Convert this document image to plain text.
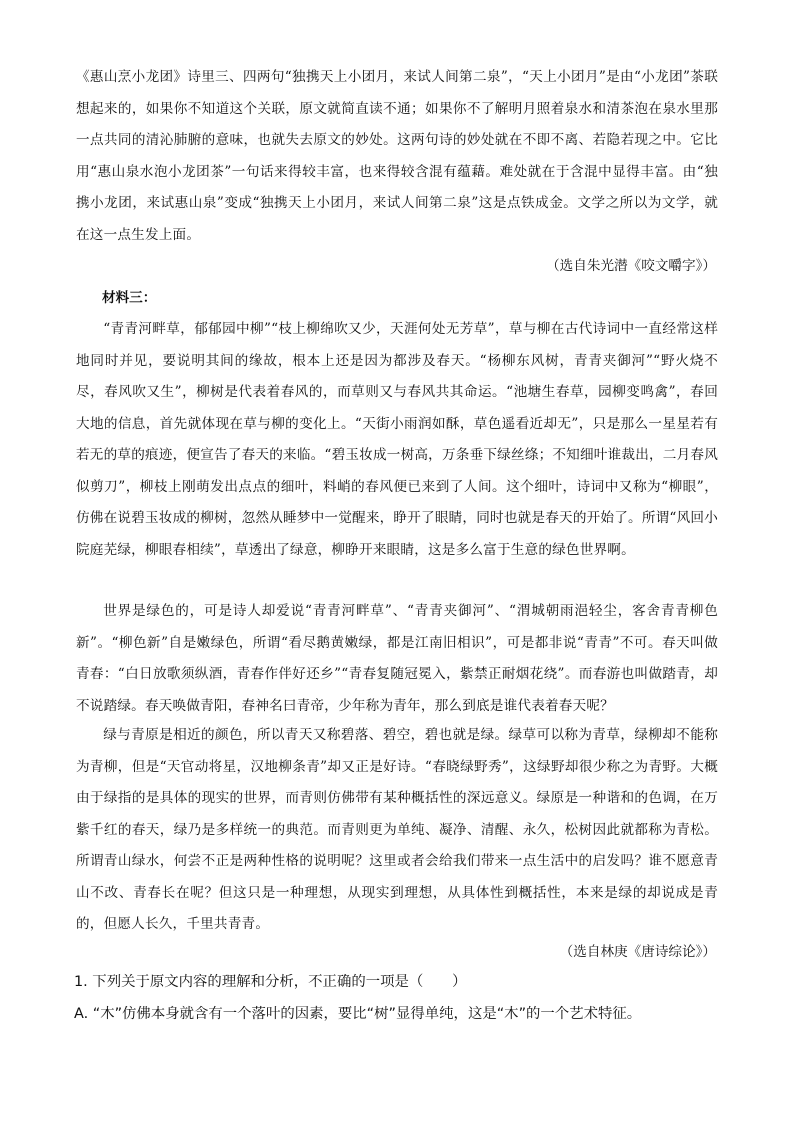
《惠山烹小龙团》诗里三、四两句“独携天上小团月，来试人间第二泉”，“天上小团月”是由“小龙团”茶联想起来的，如果你不知道这个关联，原文就简直读不通；如果你不了解明月照着泉水和清茶泡在泉水里那一点共同的清沁肺腑的意味，也就失去原文的妙处。这两句诗的妙处就在不即不离、若隐若现之中。它比用“惠山泉水泡小龙团茶”一句话来得较丰富，也来得较含混有蕴藉。难处就在于含混中显得丰富。由“独携小龙团，来试惠山泉”变成“独携天上小团月，来试人间第二泉”这是点铁成金。文学之所以为文学，就在这一点生发上面。
（选自朱光潜《咬文嚼字》）
材料三：
“青青河畔草，郁郁园中柳”“枝上柳绵吹又少，天涯何处无芳草”，草与柳在古代诗词中一直经常这样地同时并见，要说明其间的缘故，根本上还是因为都涉及春天。“杨柳东风树，青青夹御河”“野火烧不尽，春风吹又生”，柳树是代表着春风的，而草则又与春风共其命运。“池塘生春草，园柳变鸣禽”，春回大地的信息，首先就体现在草与柳的变化上。“天街小雨润如酥，草色遥看近却无”，只是那么一星星若有若无的草的痕迹，便宣告了春天的来临。“碧玉妆成一树高，万条垂下绿丝绦；不知细叶谁裁出，二月春风似剪刀”，柳枝上刚萌发出点点的细叶，料峭的春风便已来到了人间。这个细叶，诗词中又称为“柳眼”，仿佛在说碧玉妆成的柳树，忽然从睡梦中一觉醒来，睁开了眼睛，同时也就是春天的开始了。所谓“风回小院庭芜绿，柳眼春相续”，草透出了绿意，柳睁开来眼睛，这是多么富于生意的绿色世界啊。
世界是绿色的，可是诗人却爱说“青青河畔草”、“青青夹御河”、“渭城朝雨浥轻尘，客舍青青柳色新”。“柳色新”自是嫩绿色，所谓“看尽鹅黄嫩绿，都是江南旧相识”，可是都非说“青青”不可。春天叫做青春：“白日放歌须纵酒，青春作伴好还乡”“青春复随冠冕入，紫禁正耐烟花绕”。而春游也叫做踏青，却不说踏绿。春天唤做青阳，春神名曰青帝，少年称为青年，那么到底是谁代表着春天呢？
绿与青原是相近的颜色，所以青天又称碧落、碧空，碧也就是绿。绿草可以称为青草，绿柳却不能称为青柳，但是“天官动将星，汉地柳条青”却又正是好诗。“春晓绿野秀”，这绿野却很少称之为青野。大概由于绿指的是具体的现实的世界，而青则仿佛带有某种概括性的深远意义。绿原是一种谐和的色调，在万紫千红的春天，绿乃是多样统一的典范。而青则更为单纯、凝净、清醒、永久，松树因此就都称为青松。所谓青山绿水，何尝不正是两种性格的说明呢？这里或者会给我们带来一点生活中的启发吗？谁不愿意青山不改、青春长在呢？但这只是一种理想，从现实到理想，从具体性到概括性，本来是绿的却说成是青的，但愿人长久，千里共青青。
（选自林庚《唐诗综论》）
1. 下列关于原文内容的理解和分析，不正确的一项是（　　）
A. “木”仿佛本身就含有一个落叶的因素，要比“树”显得单纯，这是“木”的一个艺术特征。
